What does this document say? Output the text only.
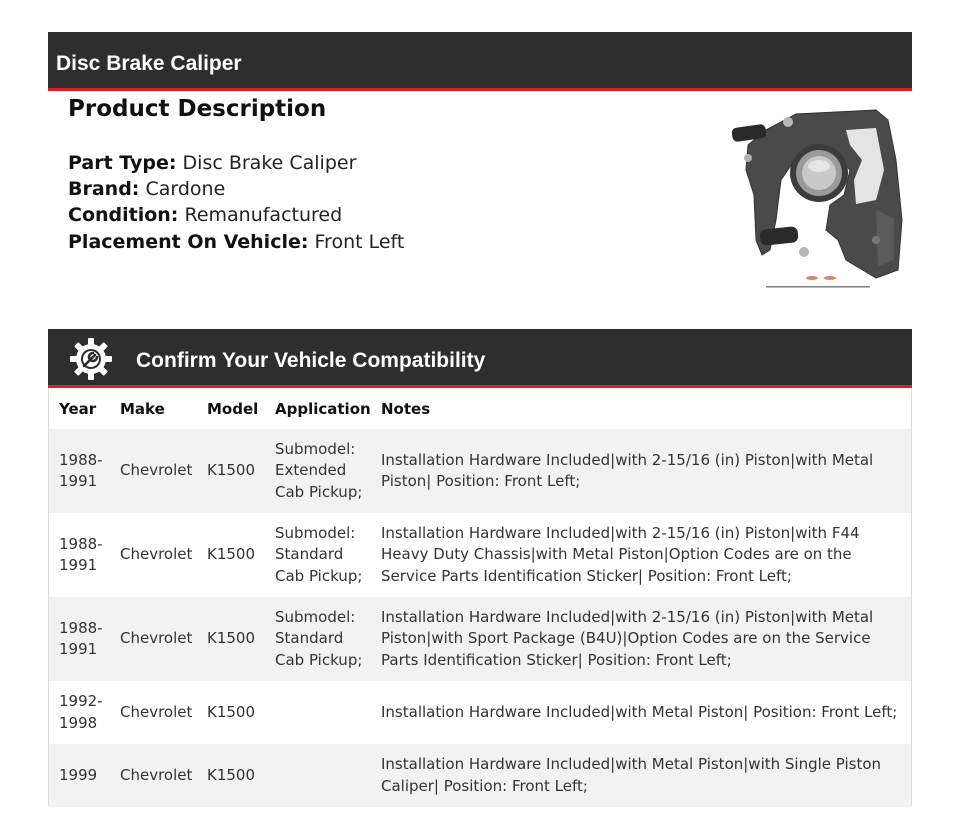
Disc Brake Caliper
Product Description
Part Type: Disc Brake Caliper
Brand: Cardone
Condition: Remanufactured
Placement On Vehicle: Front Left
Confirm Your Vehicle Compatibility
Year	Make	Model	Application	Notes
1988-1991	Chevrolet	K1500	Submodel: Extended Cab Pickup;	Installation Hardware Included|with 2-15/16 (in) Piston|with Metal Piston| Position: Front Left;
1988-1991	Chevrolet	K1500	Submodel: Standard Cab Pickup;	Installation Hardware Included|with 2-15/16 (in) Piston|with F44 Heavy Duty Chassis|with Metal Piston|Option Codes are on the Service Parts Identification Sticker| Position: Front Left;
1988-1991	Chevrolet	K1500	Submodel: Standard Cab Pickup;	Installation Hardware Included|with 2-15/16 (in) Piston|with Metal Piston|with Sport Package (B4U)|Option Codes are on the Service Parts Identification Sticker| Position: Front Left;
1992-1998	Chevrolet	K1500		Installation Hardware Included|with Metal Piston| Position: Front Left;
1999	Chevrolet	K1500		Installation Hardware Included|with Metal Piston|with Single Piston Caliper| Position: Front Left;
